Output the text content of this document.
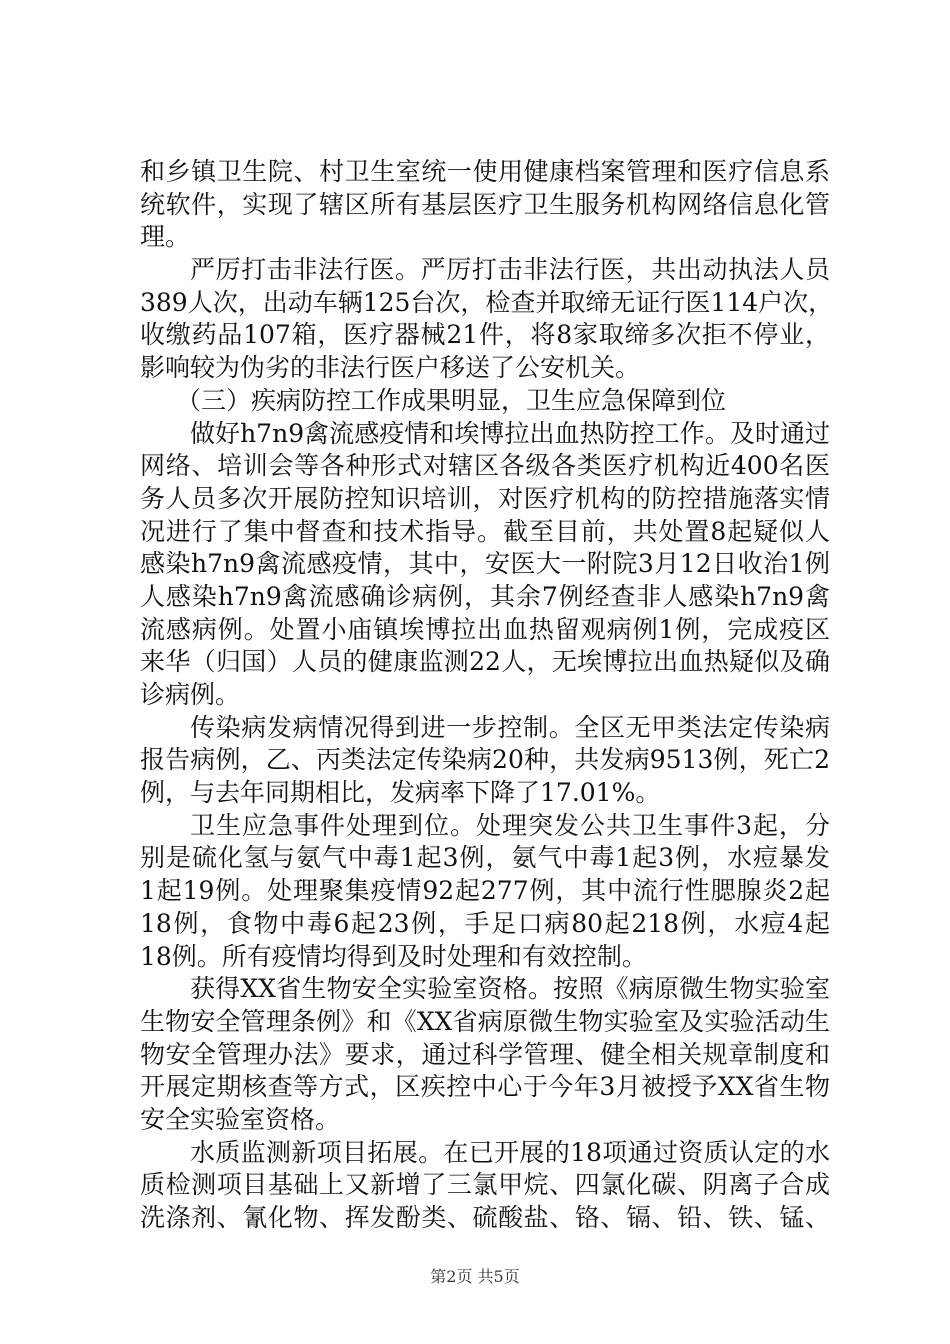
和乡镇卫生院、村卫生室统一使用健康档案管理和医疗信息系
统软件，实现了辖区所有基层医疗卫生服务机构网络信息化管
理。
严厉打击非法行医。严厉打击非法行医，共出动执法人员
389人次，出动车辆125台次，检查并取缔无证行医114户次，
收缴药品107箱，医疗器械21件，将8家取缔多次拒不停业，
影响较为伪劣的非法行医户移送了公安机关。
（三）疾病防控工作成果明显，卫生应急保障到位
做好h7n9禽流感疫情和埃博拉出血热防控工作。及时通过
网络、培训会等各种形式对辖区各级各类医疗机构近400名医
务人员多次开展防控知识培训，对医疗机构的防控措施落实情
况进行了集中督查和技术指导。截至目前，共处置8起疑似人
感染h7n9禽流感疫情，其中，安医大一附院3月12日收治1例
人感染h7n9禽流感确诊病例，其余7例经查非人感染h7n9禽
流感病例。处置小庙镇埃博拉出血热留观病例1例，完成疫区
来华（归国）人员的健康监测22人，无埃博拉出血热疑似及确
诊病例。
传染病发病情况得到进一步控制。全区无甲类法定传染病
报告病例，乙、丙类法定传染病20种，共发病9513例，死亡2
例，与去年同期相比，发病率下降了17.01%。
卫生应急事件处理到位。处理突发公共卫生事件3起，分
别是硫化氢与氨气中毒1起3例，氨气中毒1起3例，水痘暴发
1起19例。处理聚集疫情92起277例，其中流行性腮腺炎2起
18例，食物中毒6起23例，手足口病80起218例，水痘4起
18例。所有疫情均得到及时处理和有效控制。
获得XX省生物安全实验室资格。按照《病原微生物实验室
生物安全管理条例》和《XX省病原微生物实验室及实验活动生
物安全管理办法》要求，通过科学管理、健全相关规章制度和
开展定期核查等方式，区疾控中心于今年3月被授予XX省生物
安全实验室资格。
水质监测新项目拓展。在已开展的18项通过资质认定的水
质检测项目基础上又新增了三氯甲烷、四氯化碳、阴离子合成
洗涤剂、氰化物、挥发酚类、硫酸盐、铬、镉、铅、铁、锰、
第2页 共5页
